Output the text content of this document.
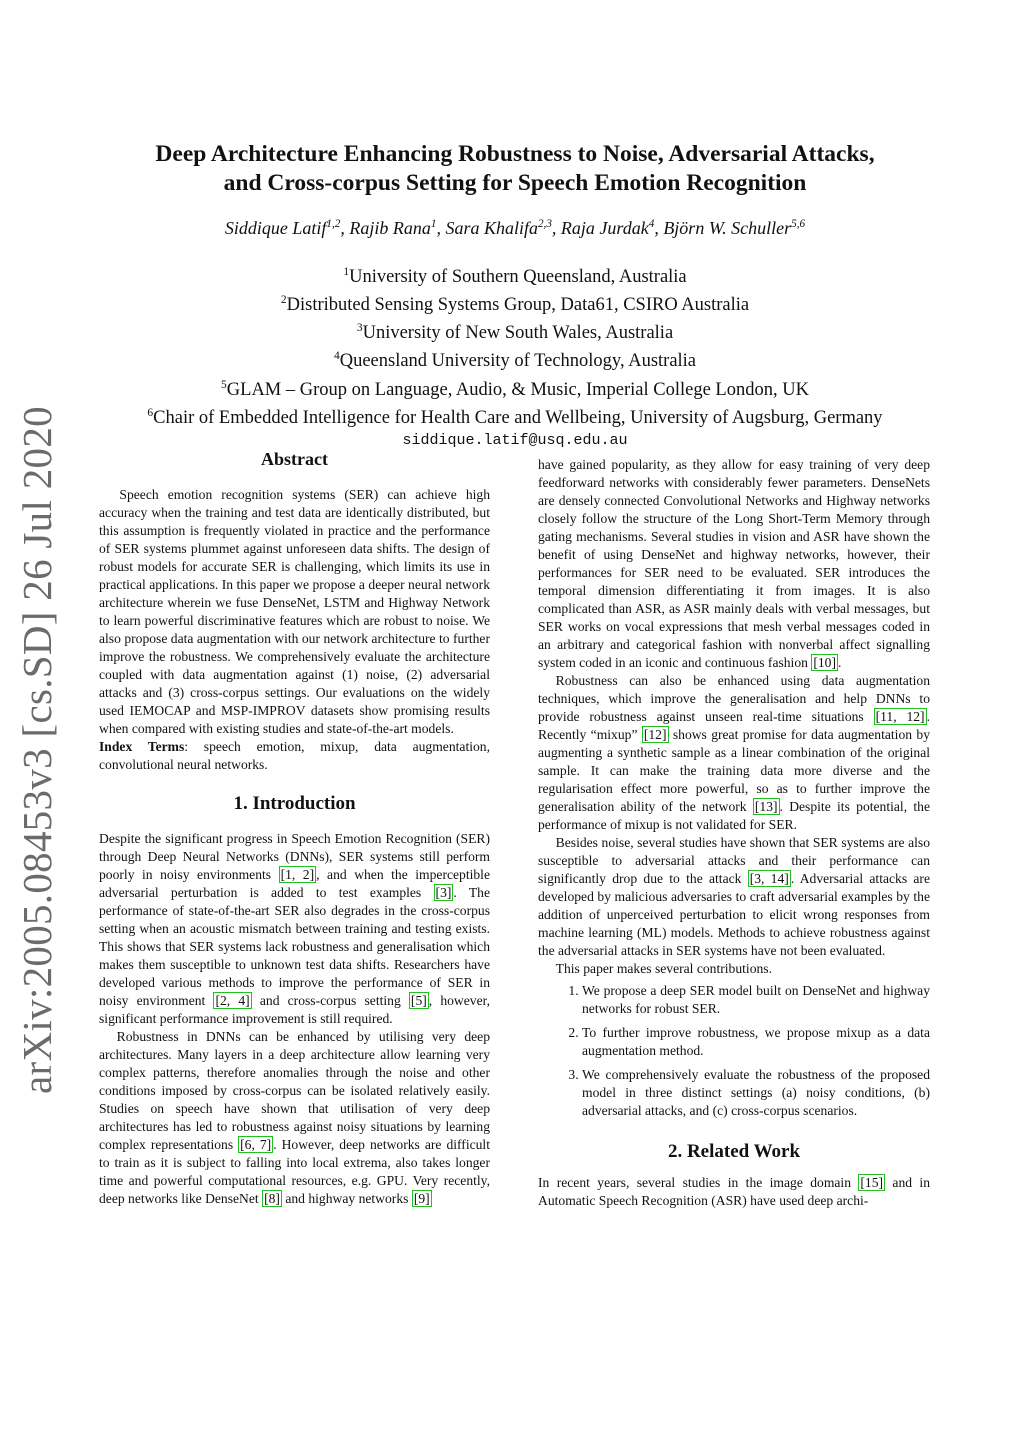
arXiv:2005.08453v3 [cs.SD] 26 Jul 2020
Deep Architecture Enhancing Robustness to Noise, Adversarial Attacks,
and Cross-corpus Setting for Speech Emotion Recognition
Siddique Latif$^{1,2}$, Rajib Rana$^1$, Sara Khalifa$^{2,3}$, Raja Jurdak$^4$, Björn W. Schuller$^{5,6}$
$^1$University of Southern Queensland, Australia
$^2$Distributed Sensing Systems Group, Data61, CSIRO Australia
$^3$University of New South Wales, Australia
$^4$Queensland University of Technology, Australia
$^5$GLAM – Group on Language, Audio, & Music, Imperial College London, UK
$^6$Chair of Embedded Intelligence for Health Care and Wellbeing, University of Augsburg, Germany
siddique.latif@usq.edu.au
Abstract

Speech emotion recognition systems (SER) can achieve high accuracy when the training and test data are identically distributed, but this assumption is frequently violated in practice and the performance of SER systems plummet against unforeseen data shifts. The design of robust models for accurate SER is challenging, which limits its use in practical applications. In this paper we propose a deeper neural network architecture wherein we fuse DenseNet, LSTM and Highway Network to learn powerful discriminative features which are robust to noise. We also propose data augmentation with our network architecture to further improve the robustness. We comprehensively evaluate the architecture coupled with data augmentation against (1) noise, (2) adversarial attacks and (3) cross-corpus settings. Our evaluations on the widely used IEMOCAP and MSP-IMPROV datasets show promising results when compared with existing studies and state-of-the-art models.

Index Terms: speech emotion, mixup, data augmentation, convolutional neural networks.

1. Introduction

Despite the significant progress in Speech Emotion Recognition (SER) through Deep Neural Networks (DNNs), SER systems still perform poorly in noisy environments [1, 2] , and when the imperceptible adversarial perturbation is added to test examples [3] . The performance of state-of-the-art SER also degrades in the cross-corpus setting when an acoustic mismatch between training and testing exists. This shows that SER systems lack robustness and generalisation which makes them susceptible to unknown test data shifts. Researchers have developed various methods to improve the performance of SER in noisy environment [2, 4] and cross-corpus setting [5] , however, significant performance improvement is still required.

Robustness in DNNs can be enhanced by utilising very deep architectures. Many layers in a deep architecture allow learning very complex patterns, therefore anomalies through the noise and other conditions imposed by cross-corpus can be isolated relatively easily. Studies on speech have shown that utilisation of very deep architectures has led to robustness against noisy situations by learning complex representations [6, 7] . However, deep networks are difficult to train as it is subject to falling into local extrema, also takes longer time and powerful computational resources, e.g. GPU. Very recently, deep networks like DenseNet [8] and highway networks [9]

have gained popularity, as they allow for easy training of very deep feedforward networks with considerably fewer parameters. DenseNets are densely connected Convolutional Networks and Highway networks closely follow the structure of the Long Short-Term Memory through gating mechanisms. Several studies in vision and ASR have shown the benefit of using DenseNet and highway networks, however, their performances for SER need to be evaluated. SER introduces the temporal dimension differentiating it from images. It is also complicated than ASR, as ASR mainly deals with verbal messages, but SER works on vocal expressions that mesh verbal messages coded in an arbitrary and categorical fashion with nonverbal affect signalling system coded in an iconic and continuous fashion [10] .

Robustness can also be enhanced using data augmentation techniques, which improve the generalisation and help DNNs to provide robustness against unseen real-time situations [11, 12] . Recently “mixup” [12] shows great promise for data augmentation by augmenting a synthetic sample as a linear combination of the original sample. It can make the training data more diverse and the regularisation effect more powerful, so as to further improve the generalisation ability of the network [13] . Despite its potential, the performance of mixup is not validated for SER.

Besides noise, several studies have shown that SER systems are also susceptible to adversarial attacks and their performance can significantly drop due to the attack [3, 14] . Adversarial attacks are developed by malicious adversaries to craft adversarial examples by the addition of unperceived perturbation to elicit wrong responses from machine learning (ML) models. Methods to achieve robustness against the adversarial attacks in SER systems have not been evaluated.

This paper makes several contributions.

1. We propose a deep SER model built on DenseNet and highway networks for robust SER.
2. To further improve robustness, we propose mixup as a data augmentation method.
3. We comprehensively evaluate the robustness of the proposed model in three distinct settings (a) noisy conditions, (b) adversarial attacks, and (c) cross-corpus scenarios.
2. Related Work

In recent years, several studies in the image domain [15] and in Automatic Speech Recognition (ASR) have used deep archi-
